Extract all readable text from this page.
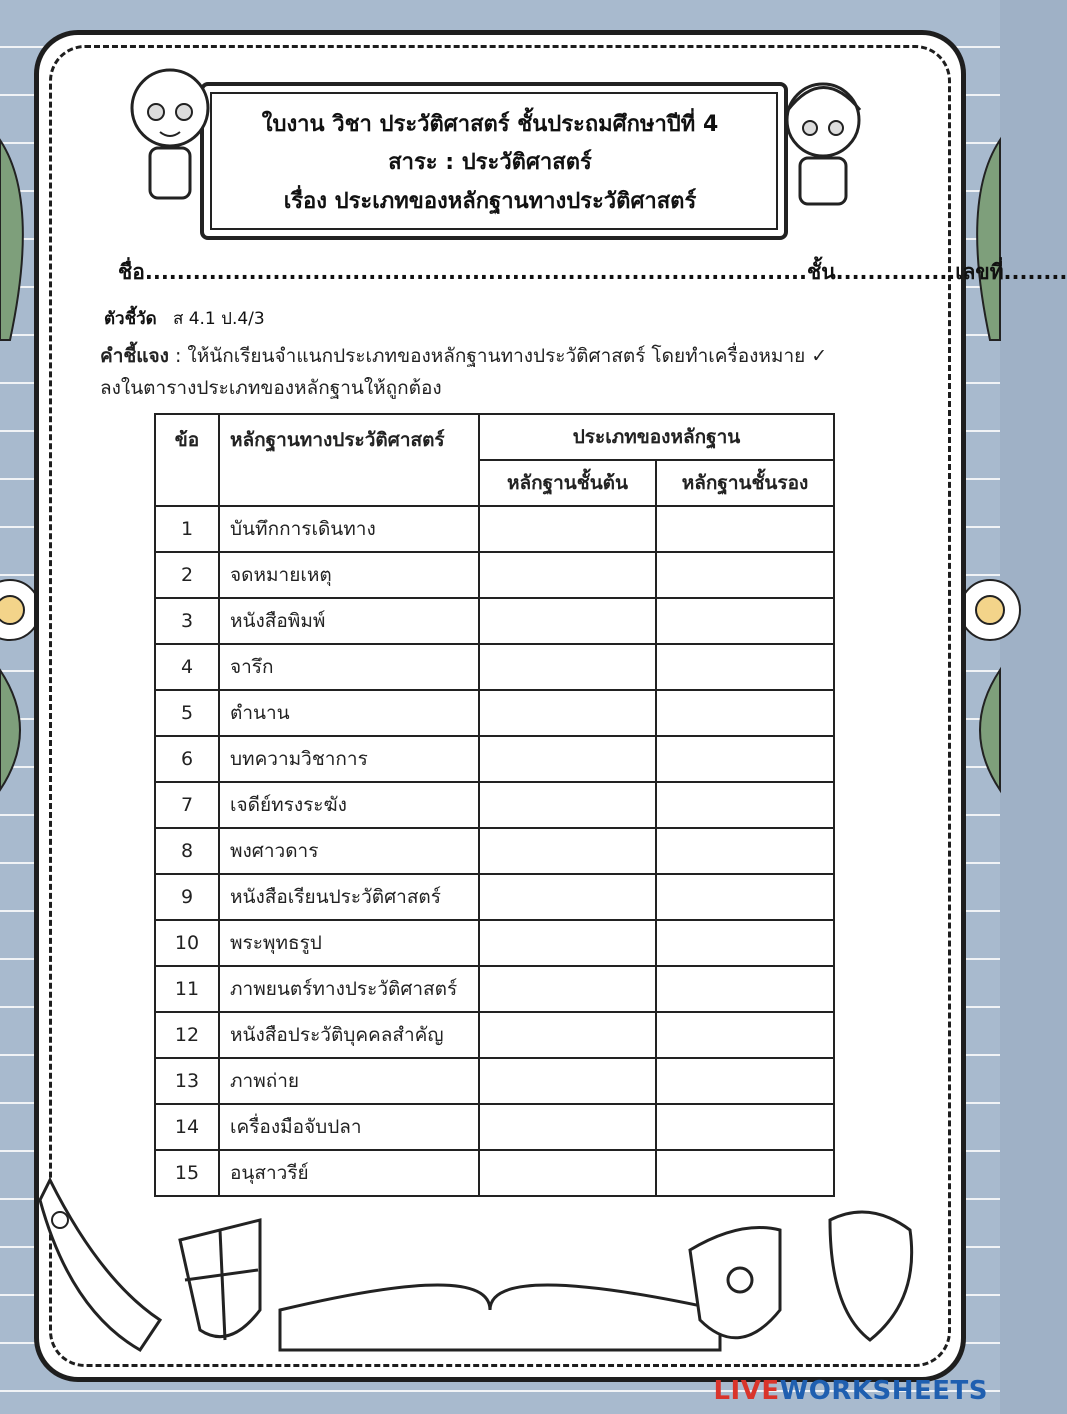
ใบงาน วิชา ประวัติศาสตร์ ชั้นประถมศึกษาปีที่ 4
สาระ : ประวัติศาสตร์
เรื่อง ประเภทของหลักฐานทางประวัติศาสตร์
ชื่อ...................................................................................ชั้น...............เลขที่........
ตัวชี้วัด ส 4.1 ป.4/3
คำชี้แจง : ให้นักเรียนจำแนกประเภทของหลักฐานทางประวัติศาสตร์ โดยทำเครื่องหมาย ✓ ลงในตารางประเภทของหลักฐานให้ถูกต้อง
ข้อ	หลักฐานทางประวัติศาสตร์	ประเภทของหลักฐาน	
		หลักฐานชั้นต้น	หลักฐานชั้นรอง
1	บันทึกการเดินทาง		
2	จดหมายเหตุ		
3	หนังสือพิมพ์		
4	จารึก		
5	ตำนาน		
6	บทความวิชาการ		
7	เจดีย์ทรงระฆัง		
8	พงศาวดาร		
9	หนังสือเรียนประวัติศาสตร์		
10	พระพุทธรูป		
11	ภาพยนตร์ทางประวัติศาสตร์		
12	หนังสือประวัติบุคคลสำคัญ		
13	ภาพถ่าย		
14	เครื่องมือจับปลา		
15	อนุสาวรีย์		
LIVEWORKSHEETS
